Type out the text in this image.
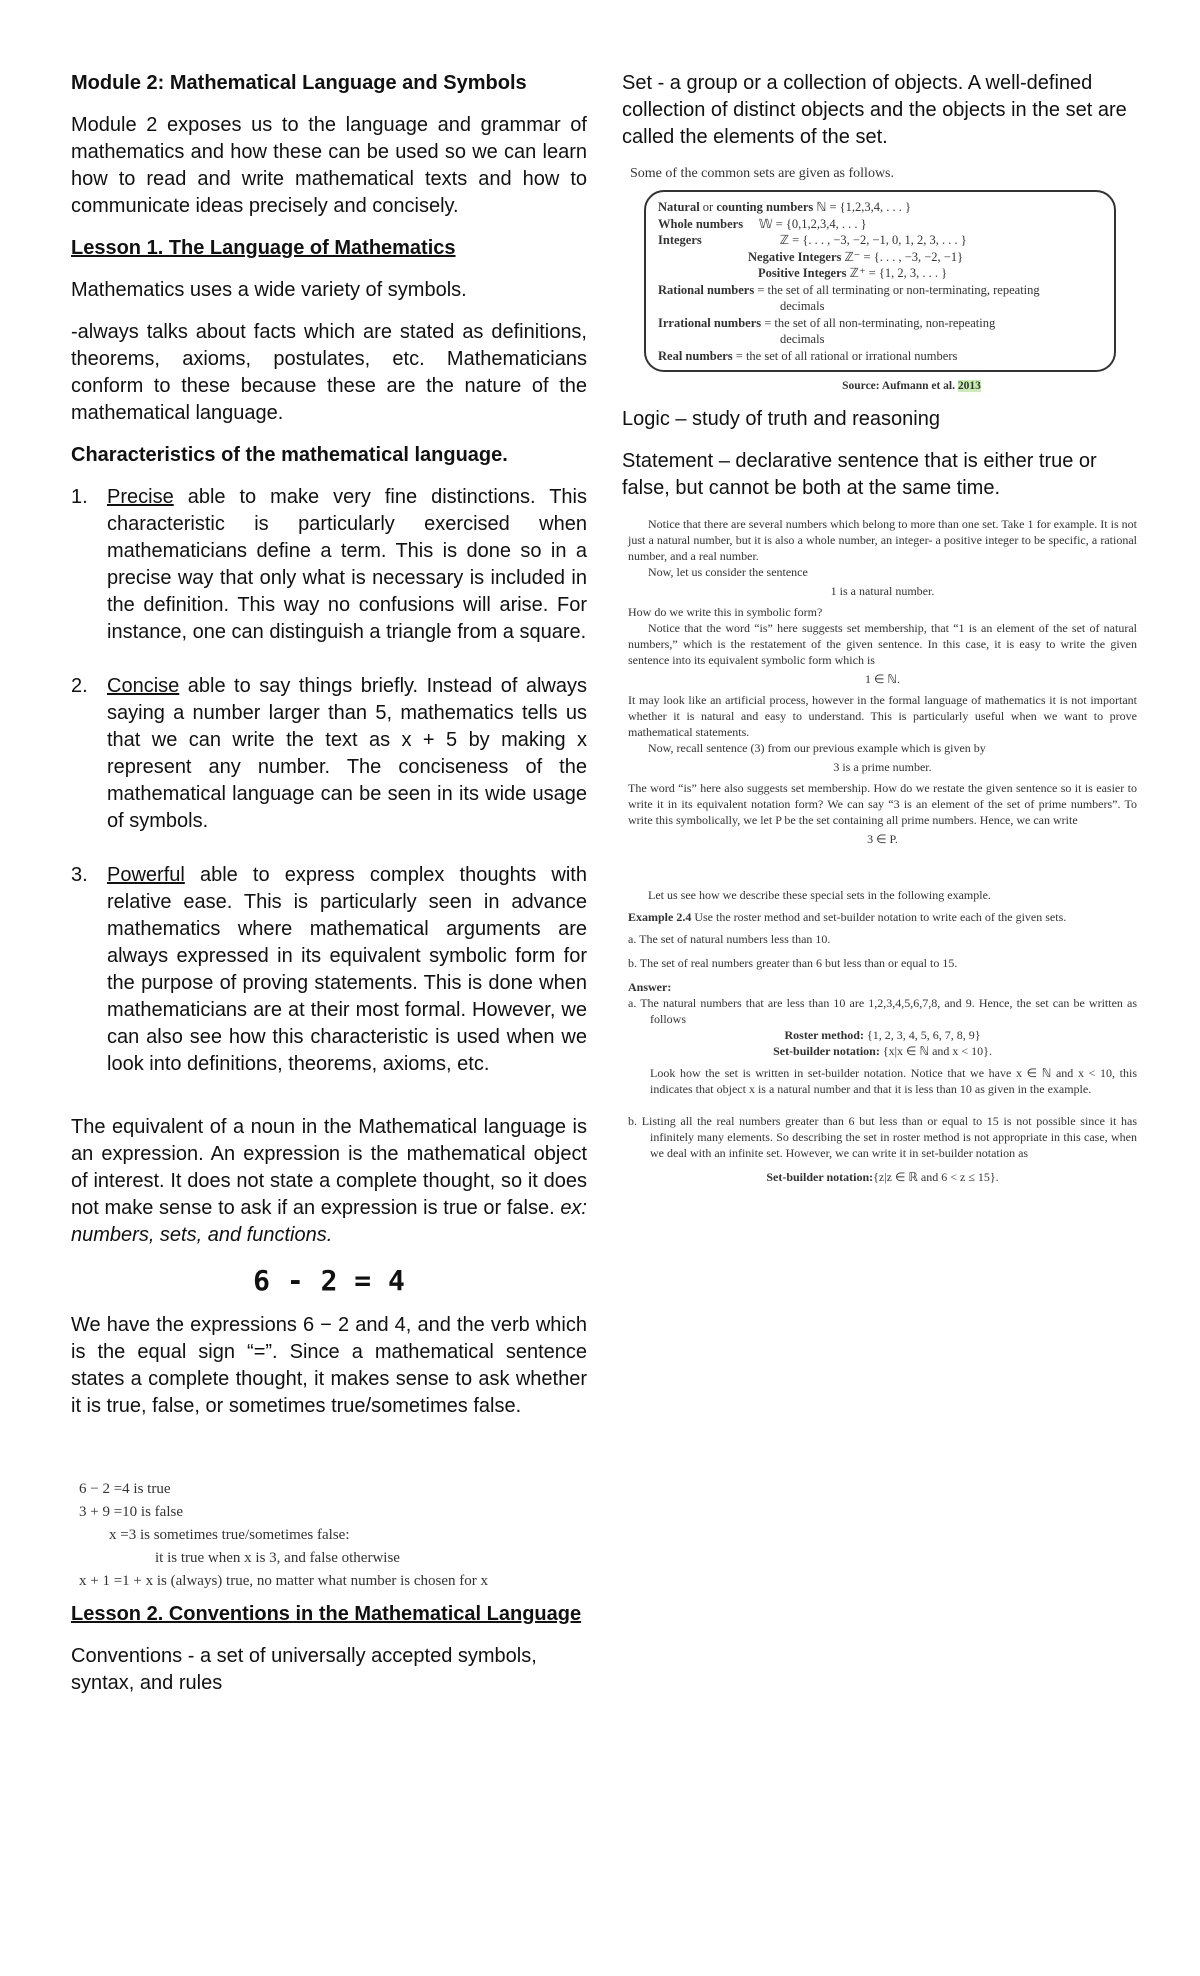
Module 2: Mathematical Language and Symbols
Module 2 exposes us to the language and grammar of mathematics and how these can be used so we can learn how to read and write mathematical texts and how to communicate ideas precisely and concisely.
Lesson 1. The Language of Mathematics
Mathematics uses a wide variety of symbols.
-always talks about facts which are stated as definitions, theorems, axioms, postulates, etc. Mathematicians conform to these because these are the nature of the mathematical language.
Characteristics of the mathematical language.
1. Precise able to make very fine distinctions. This characteristic is particularly exercised when mathematicians define a term. This is done so in a precise way that only what is necessary is included in the definition. This way no confusions will arise. For instance, one can distinguish a triangle from a square.
2. Concise able to say things briefly. Instead of always saying a number larger than 5, mathematics tells us that we can write the text as x + 5 by making x represent any number. The conciseness of the mathematical language can be seen in its wide usage of symbols.
3. Powerful able to express complex thoughts with relative ease. This is particularly seen in advance mathematics where mathematical arguments are always expressed in its equivalent symbolic form for the purpose of proving statements. This is done when mathematicians are at their most formal. However, we can also see how this characteristic is used when we look into definitions, theorems, axioms, etc.
The equivalent of a noun in the Mathematical language is an expression. An expression is the mathematical object of interest. It does not state a complete thought, so it does not make sense to ask if an expression is true or false. ex: numbers, sets, and functions.
6 - 2 = 4
We have the expressions 6 − 2 and 4, and the verb which is the equal sign “=”. Since a mathematical sentence states a complete thought, it makes sense to ask whether it is true, false, or sometimes true/sometimes false.
6 − 2 =4 is true
3 + 9 =10 is false
x =3 is sometimes true/sometimes false:
it is true when x is 3, and false otherwise
x + 1 =1 + x is (always) true, no matter what number is chosen for x
Lesson 2. Conventions in the Mathematical Language
Conventions - a set of universally accepted symbols, syntax, and rules
Set - a group or a collection of objects. A well-defined collection of distinct objects and the objects in the set are called the elements of the set.
Some of the common sets are given as follows.
Natural or counting numbers ℕ = {1,2,3,4, . . . }
Whole numbers 𝕎 = {0,1,2,3,4, . . . }
Integers	ℤ = {. . . , −3, −2, −1, 0, 1, 2, 3, . . . }
Negative Integers ℤ⁻ = {. . . , −3, −2, −1}
Positive Integers ℤ⁺ = {1, 2, 3, . . . }
Rational numbers = the set of all terminating or non-terminating, repeating
decimals
Irrational numbers = the set of all non-terminating, non-repeating
decimals
Real numbers = the set of all rational or irrational numbers
Source: Aufmann et al. 2013
Logic – study of truth and reasoning
Statement – declarative sentence that is either true or false, but cannot be both at the same time.
Notice that there are several numbers which belong to more than one set. Take 1 for example. It is not just a natural number, but it is also a whole number, an integer- a positive integer to be specific, a rational number, and a real number.
Now, let us consider the sentence
1 is a natural number.
How do we write this in symbolic form?
Notice that the word “is” here suggests set membership, that “1 is an element of the set of natural numbers,” which is the restatement of the given sentence. In this case, it is easy to write the given sentence into its equivalent symbolic form which is
1 ∈ ℕ.
It may look like an artificial process, however in the formal language of mathematics it is not important whether it is natural and easy to understand. This is particularly useful when we want to prove mathematical statements.
Now, recall sentence (3) from our previous example which is given by
3 is a prime number.
The word “is” here also suggests set membership. How do we restate the given sentence so it is easier to write it in its equivalent notation form? We can say “3 is an element of the set of prime numbers”. To write this symbolically, we let P be the set containing all prime numbers. Hence, we can write
3 ∈ P.
Let us see how we describe these special sets in the following example.
Example 2.4 Use the roster method and set-builder notation to write each of the given sets.
a. The set of natural numbers less than 10.
b. The set of real numbers greater than 6 but less than or equal to 15.
Answer:
a. The natural numbers that are less than 10 are 1,2,3,4,5,6,7,8, and 9. Hence, the set can be written as follows
Roster method: {1, 2, 3, 4, 5, 6, 7, 8, 9}
Set-builder notation: {x|x ∈ ℕ and x < 10}.
Look how the set is written in set-builder notation. Notice that we have x ∈ ℕ and x < 10, this indicates that object x is a natural number and that it is less than 10 as given in the example.
b. Listing all the real numbers greater than 6 but less than or equal to 15 is not possible since it has infinitely many elements. So describing the set in roster method is not appropriate in this case, when we deal with an infinite set. However, we can write it in set-builder notation as
Set-builder notation:{z|z ∈ ℝ and 6 < z ≤ 15}.
